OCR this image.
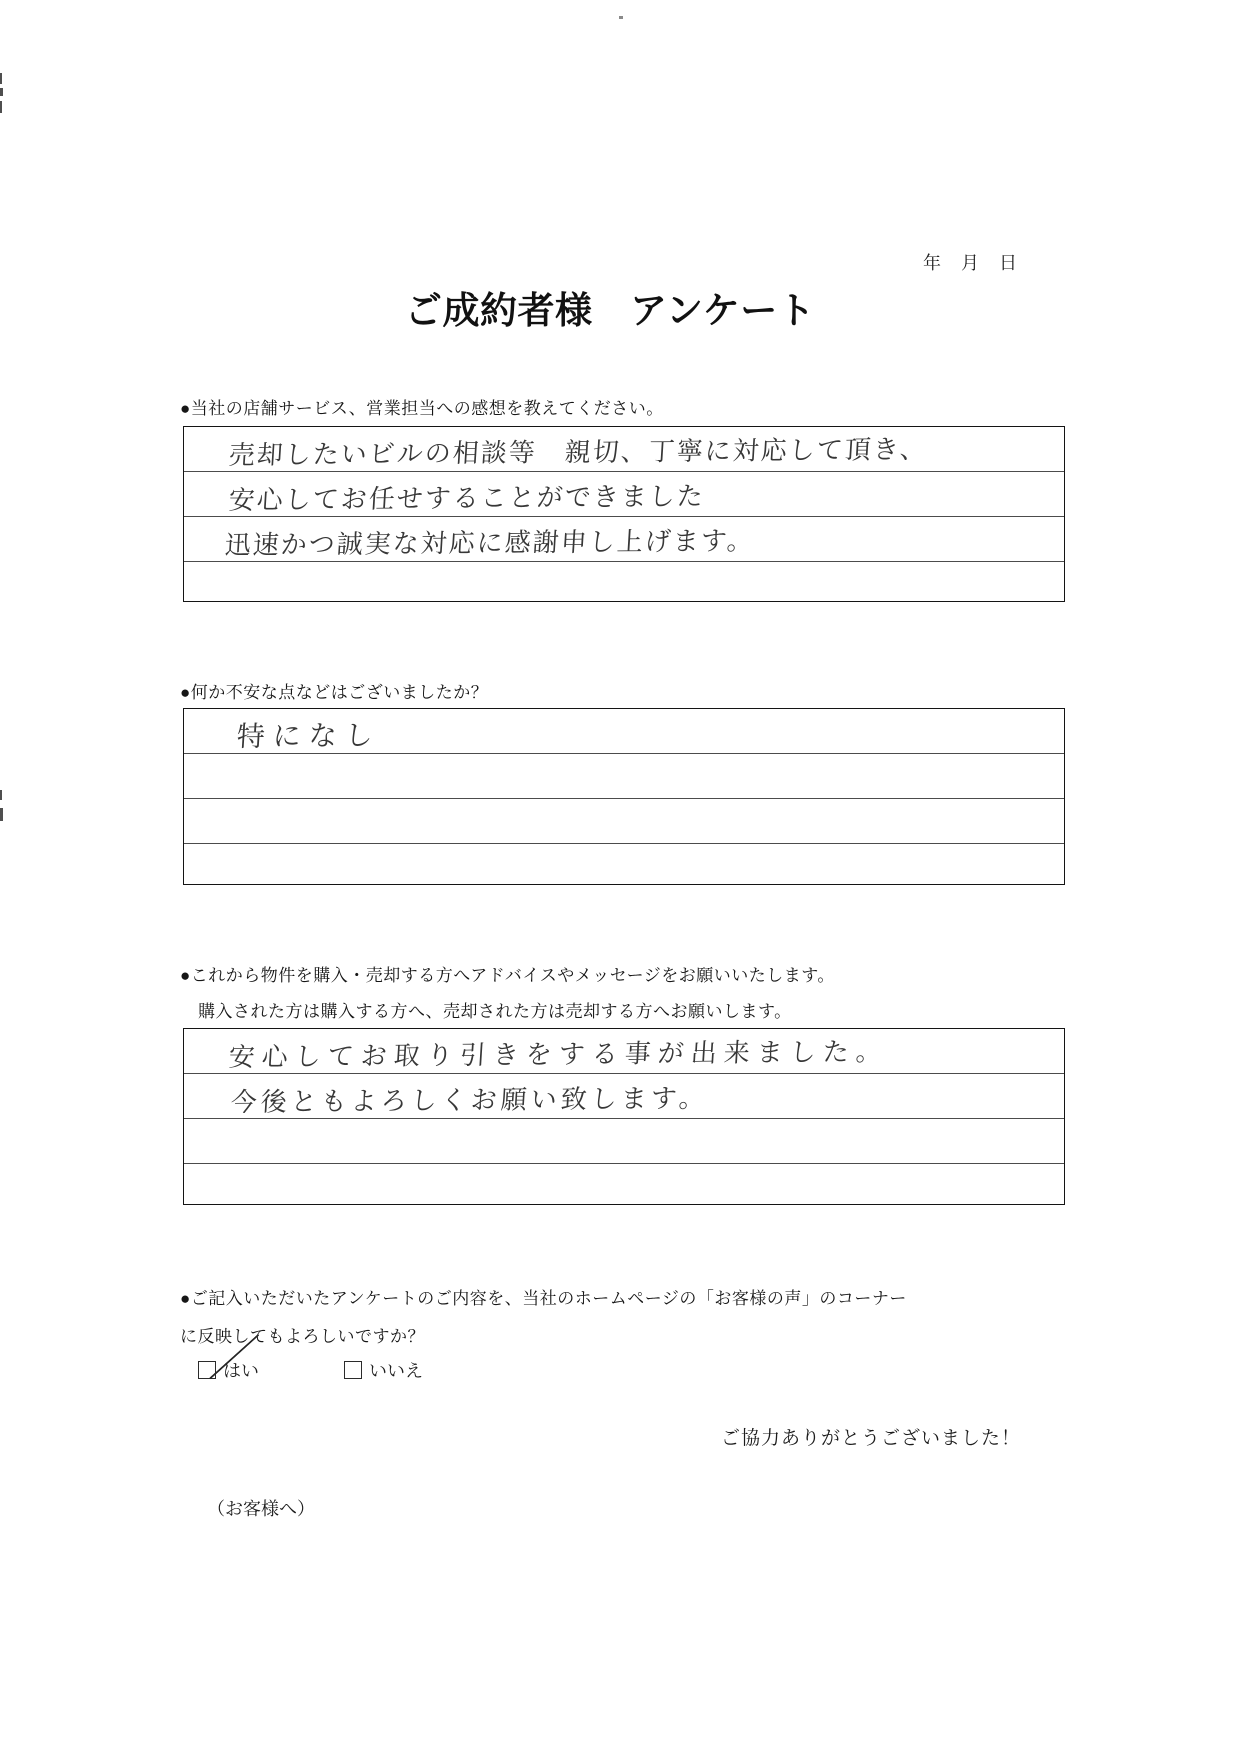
年　月　日
ご成約者様　アンケート
●当社の店舗サービス、営業担当への感想を教えてください。
売却したいビルの相談等　親切、丁寧に対応して頂き、
安心してお任せすることができました
迅速かつ誠実な対応に感謝申し上げます。
●何か不安な点などはございましたか？
特になし
●これから物件を購入・売却する方へアドバイスやメッセージをお願いいたします。
購入された方は購入する方へ、売却された方は売却する方へお願いします。
安心してお取り引きをする事が出来ました。
今後ともよろしくお願い致します。
●ご記入いただいたアンケートのご内容を、当社のホームページの「お客様の声」のコーナー
に反映してもよろしいですか？
はい	いいえ
ご協力ありがとうございました！
（お客様へ）
